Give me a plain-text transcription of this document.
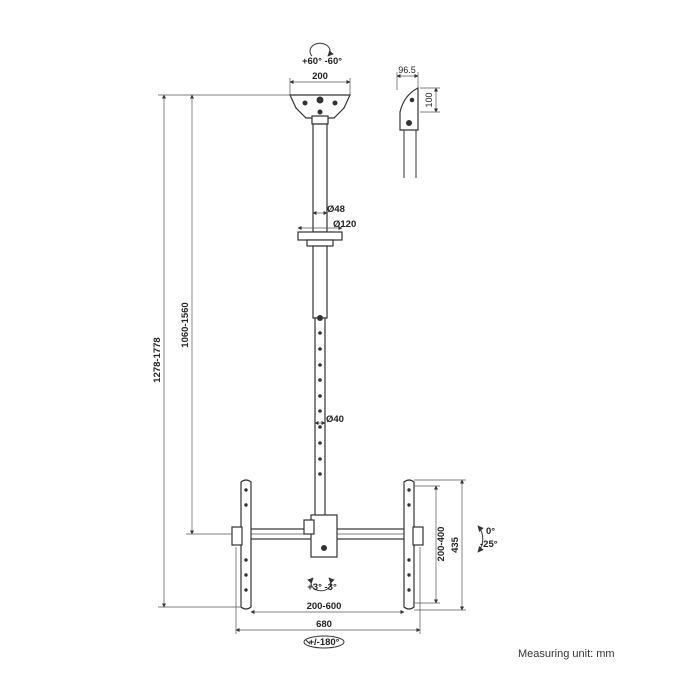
+60° -60°
200
96.5
100
Ø48
Ø120
Ø40
1278-1778
1060-1560
200-400 435
0°
-25°
+3° -3°
200-600
680
+/-180°
Measuring unit: mm
